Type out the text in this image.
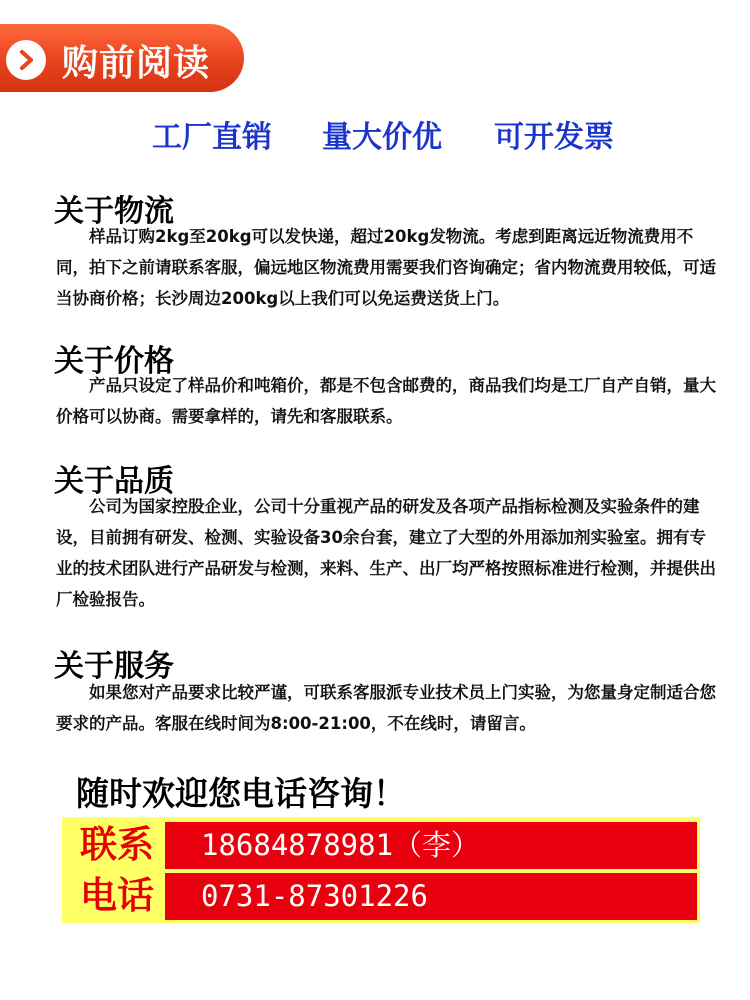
购前阅读
工厂直销 量大价优 可开发票
关于物流

样品订购2kg至20kg可以发快递，超过20kg发物流。考虑到距离远近物流费用不同，拍下之前请联系客服，偏远地区物流费用需要我们咨询确定；省内物流费用较低，可适当协商价格；长沙周边200kg以上我们可以免运费送货上门。

关于价格

产品只设定了样品价和吨箱价，都是不包含邮费的，商品我们均是工厂自产自销，量大价格可以协商。需要拿样的，请先和客服联系。

关于品质

公司为国家控股企业，公司十分重视产品的研发及各项产品指标检测及实验条件的建设，目前拥有研发、检测、实验设备30余台套，建立了大型的外用添加剂实验室。拥有专业的技术团队进行产品研发与检测，来料、生产、出厂均严格按照标准进行检测，并提供出厂检验报告。

关于服务

如果您对产品要求比较严谨，可联系客服派专业技术员上门实验，为您量身定制适合您要求的产品。客服在线时间为8:00-21:00，不在线时，请留言。

随时欢迎您电话咨询！
联系
电话
18684878981（李）
0731-87301226
